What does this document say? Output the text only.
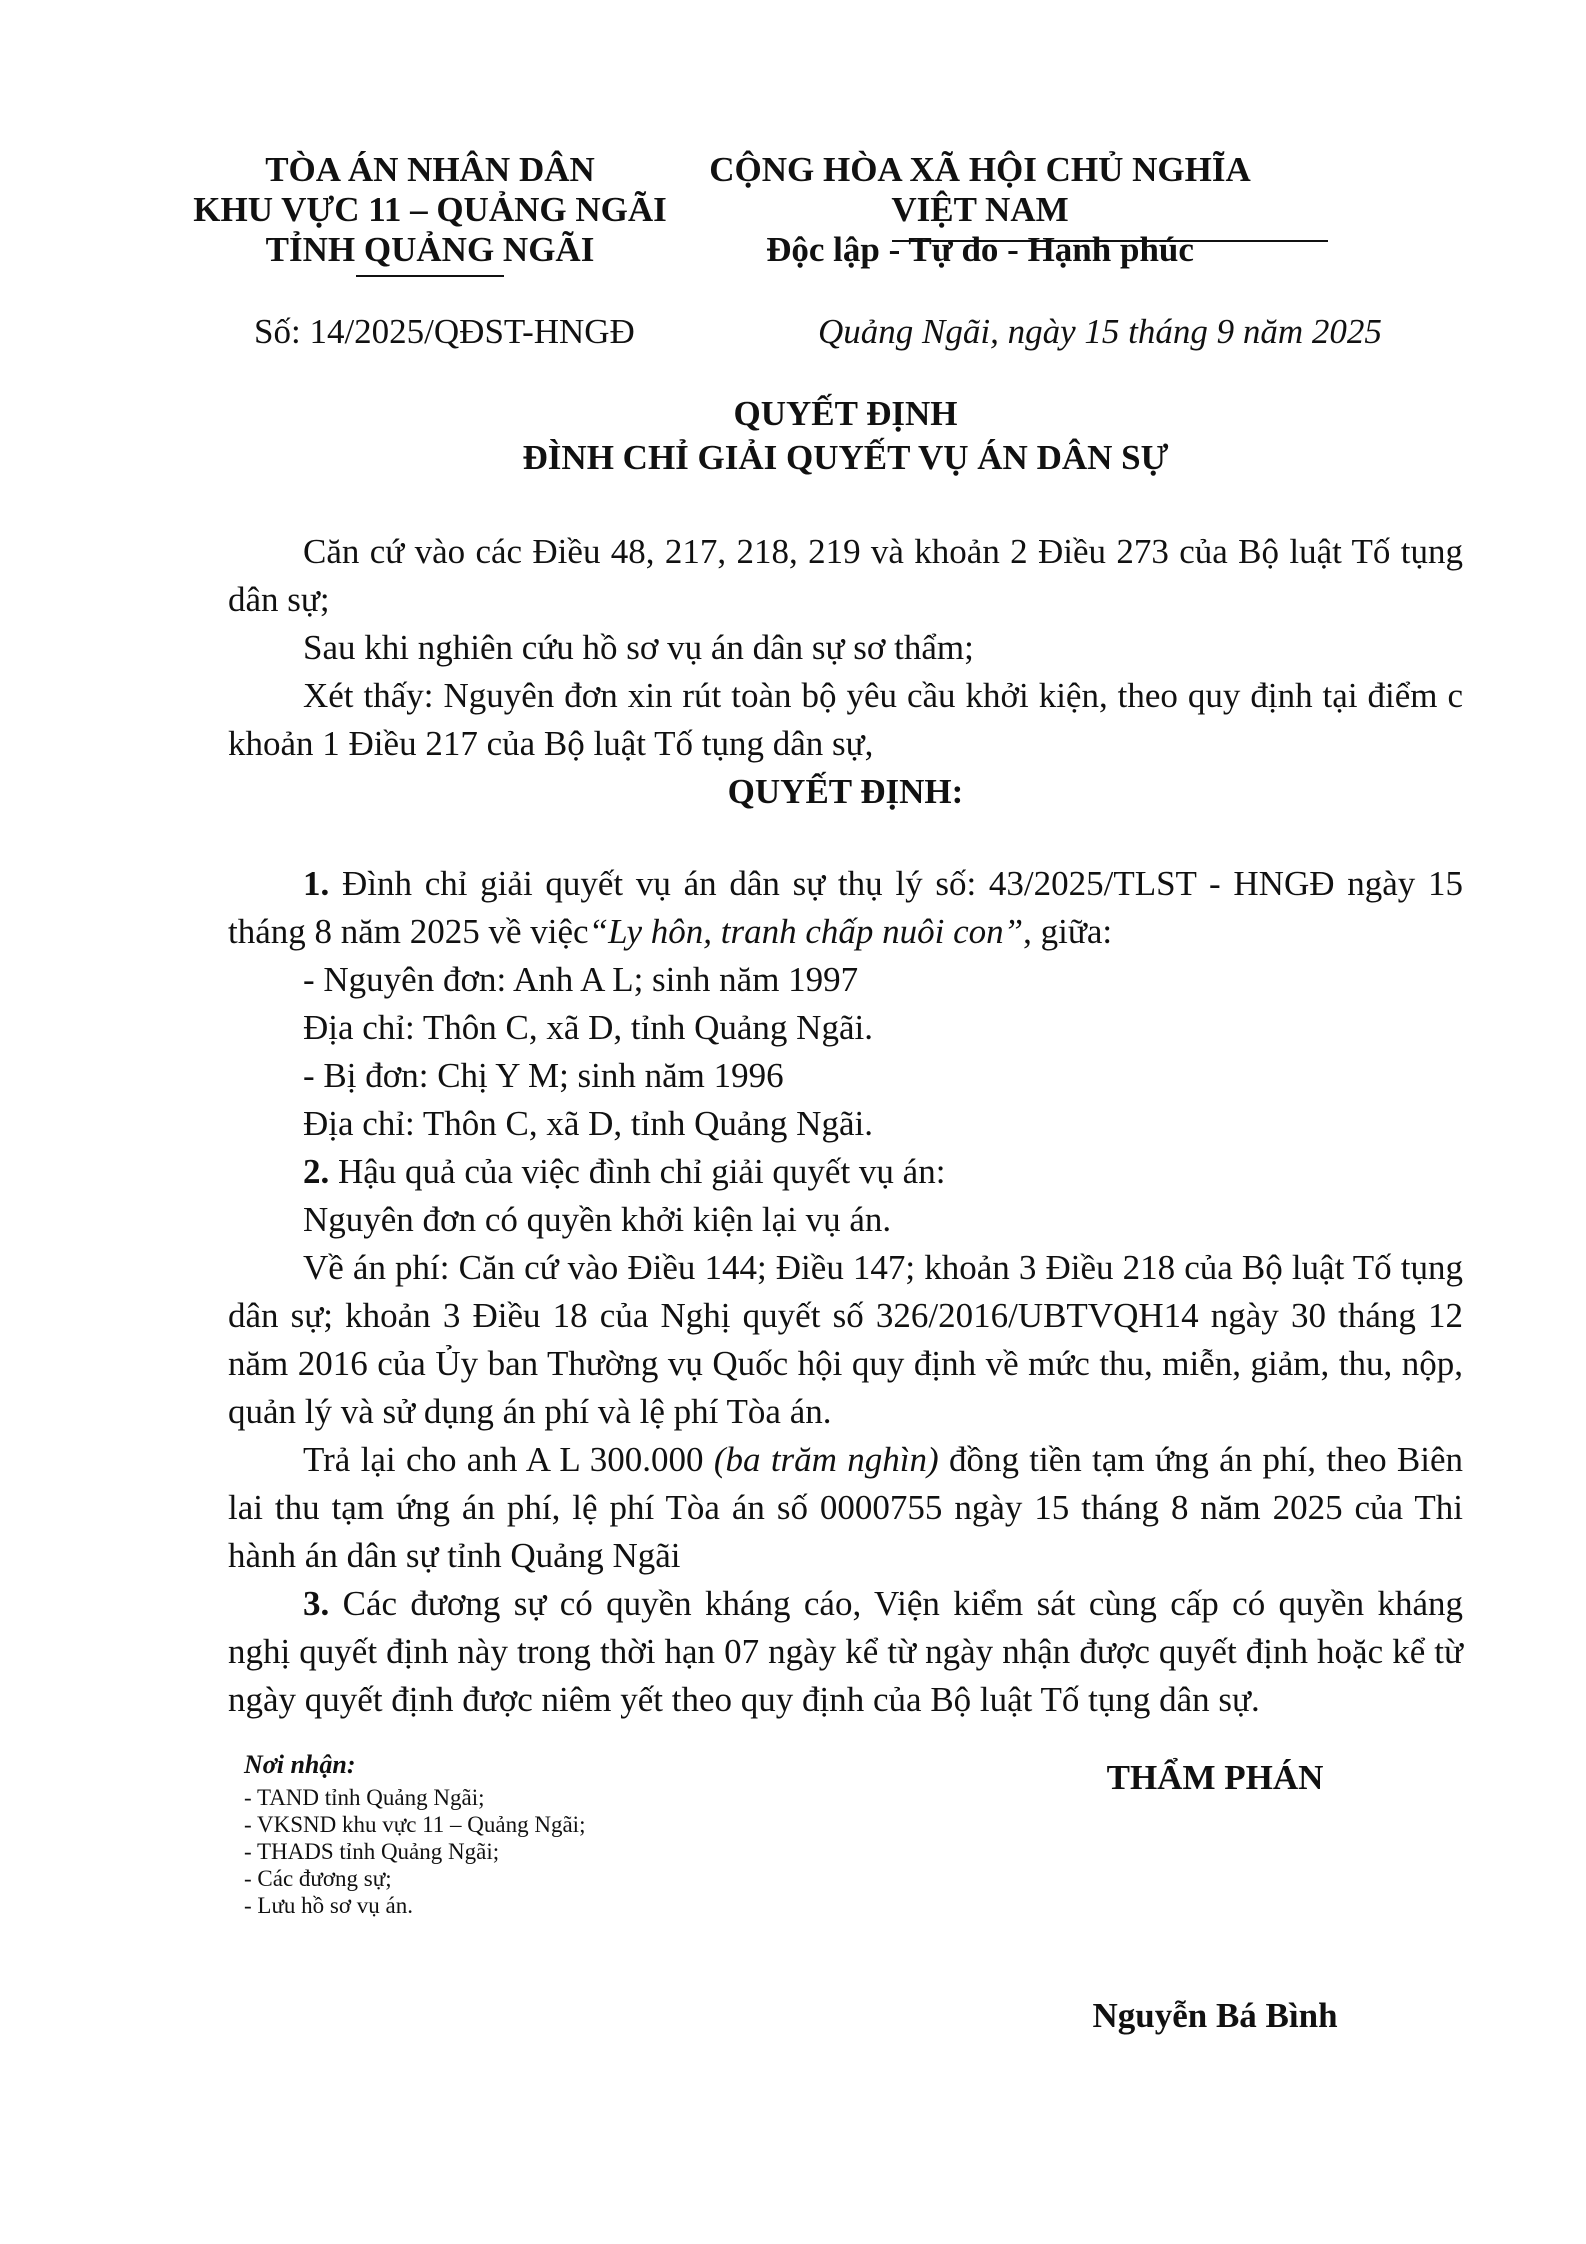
TÒA ÁN NHÂN DÂN
KHU VỰC 11 – QUẢNG NGÃI
TỈNH QUẢNG NGÃI
Số: 14/2025/QĐST-HNGĐ
CỘNG HÒA XÃ HỘI CHỦ NGHĨA VIỆT NAM
Độc lập - Tự do - Hạnh phúc
Quảng Ngãi, ngày 15 tháng 9 năm 2025
QUYẾT ĐỊNH
ĐÌNH CHỈ GIẢI QUYẾT VỤ ÁN DÂN SỰ
Căn cứ vào các Điều 48, 217, 218, 219 và khoản 2 Điều 273 của Bộ luật Tố tụng dân sự;
Sau khi nghiên cứu hồ sơ vụ án dân sự sơ thẩm;
Xét thấy: Nguyên đơn xin rút toàn bộ yêu cầu khởi kiện, theo quy định tại điểm c khoản 1 Điều 217 của Bộ luật Tố tụng dân sự,
QUYẾT ĐỊNH:
1. Đình chỉ giải quyết vụ án dân sự thụ lý số: 43/2025/TLST - HNGĐ ngày 15 tháng 8 năm 2025 về việc“Ly hôn, tranh chấp nuôi con”, giữa:
- Nguyên đơn: Anh A L; sinh năm 1997
Địa chỉ: Thôn C, xã D, tỉnh Quảng Ngãi.
- Bị đơn: Chị Y M; sinh năm 1996
Địa chỉ: Thôn C, xã D, tỉnh Quảng Ngãi.
2. Hậu quả của việc đình chỉ giải quyết vụ án:
Nguyên đơn có quyền khởi kiện lại vụ án.
Về án phí: Căn cứ vào Điều 144; Điều 147; khoản 3 Điều 218 của Bộ luật Tố tụng dân sự; khoản 3 Điều 18 của Nghị quyết số 326/2016/UBTVQH14 ngày 30 tháng 12 năm 2016 của Ủy ban Thường vụ Quốc hội quy định về mức thu, miễn, giảm, thu, nộp, quản lý và sử dụng án phí và lệ phí Tòa án.
Trả lại cho anh A L 300.000 (ba trăm nghìn) đồng tiền tạm ứng án phí, theo Biên lai thu tạm ứng án phí, lệ phí Tòa án số 0000755 ngày 15 tháng 8 năm 2025 của Thi hành án dân sự tỉnh Quảng Ngãi
3. Các đương sự có quyền kháng cáo, Viện kiểm sát cùng cấp có quyền kháng nghị quyết định này trong thời hạn 07 ngày kể từ ngày nhận được quyết định hoặc kể từ ngày quyết định được niêm yết theo quy định của Bộ luật Tố tụng dân sự.
Nơi nhận:
- TAND tỉnh Quảng Ngãi;
- VKSND khu vực 11 – Quảng Ngãi;
- THADS tỉnh Quảng Ngãi;
- Các đương sự;
- Lưu hồ sơ vụ án.
THẨM PHÁN
Nguyễn Bá Bình
